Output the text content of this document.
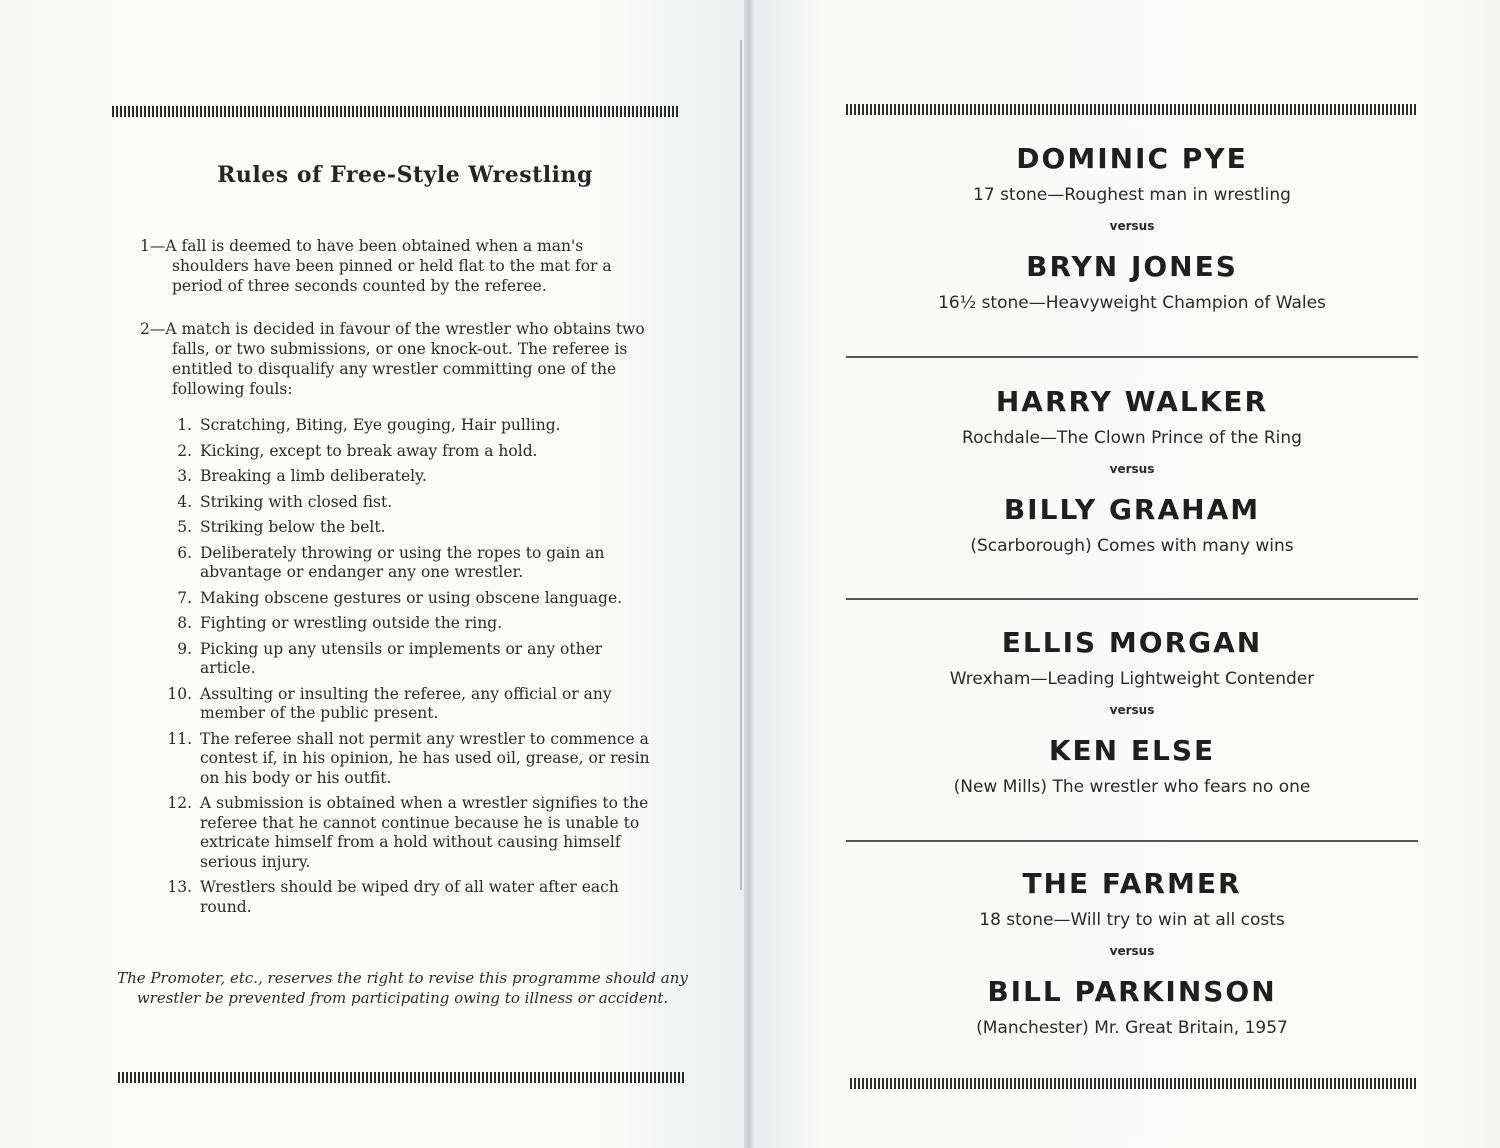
Rules of Free-Style Wrestling
1—A fall is deemed to have been obtained when a man's shoulders have been pinned or held flat to the mat for a period of three seconds counted by the referee.
2—A match is decided in favour of the wrestler who obtains two falls, or two submissions, or one knock-out. The referee is entitled to disqualify any wrestler committing one of the following fouls:
1. Scratching, Biting, Eye gouging, Hair pulling.
2. Kicking, except to break away from a hold.
3. Breaking a limb deliberately.
4. Striking with closed fist.
5. Striking below the belt.
6. Deliberately throwing or using the ropes to gain an abvantage or endanger any one wrestler.
7. Making obscene gestures or using obscene language.
8. Fighting or wrestling outside the ring.
9. Picking up any utensils or implements or any other article.
10. Assulting or insulting the referee, any official or any member of the public present.
11. The referee shall not permit any wrestler to commence a contest if, in his opinion, he has used oil, grease, or resin on his body or his outfit.
12. A submission is obtained when a wrestler signifies to the referee that he cannot continue because he is unable to extricate himself from a hold without causing himself serious injury.
13. Wrestlers should be wiped dry of all water after each round.
The Promoter, etc., reserves the right to revise this programme should any wrestler be prevented from participating owing to illness or accident.
DOMINIC PYE
17 stone—Roughest man in wrestling
versus
BRYN JONES
16½ stone—Heavyweight Champion of Wales
HARRY WALKER
Rochdale—The Clown Prince of the Ring
versus
BILLY GRAHAM
(Scarborough) Comes with many wins
ELLIS MORGAN
Wrexham—Leading Lightweight Contender
versus
KEN ELSE
(New Mills) The wrestler who fears no one
THE FARMER
18 stone—Will try to win at all costs
versus
BILL PARKINSON
(Manchester) Mr. Great Britain, 1957
